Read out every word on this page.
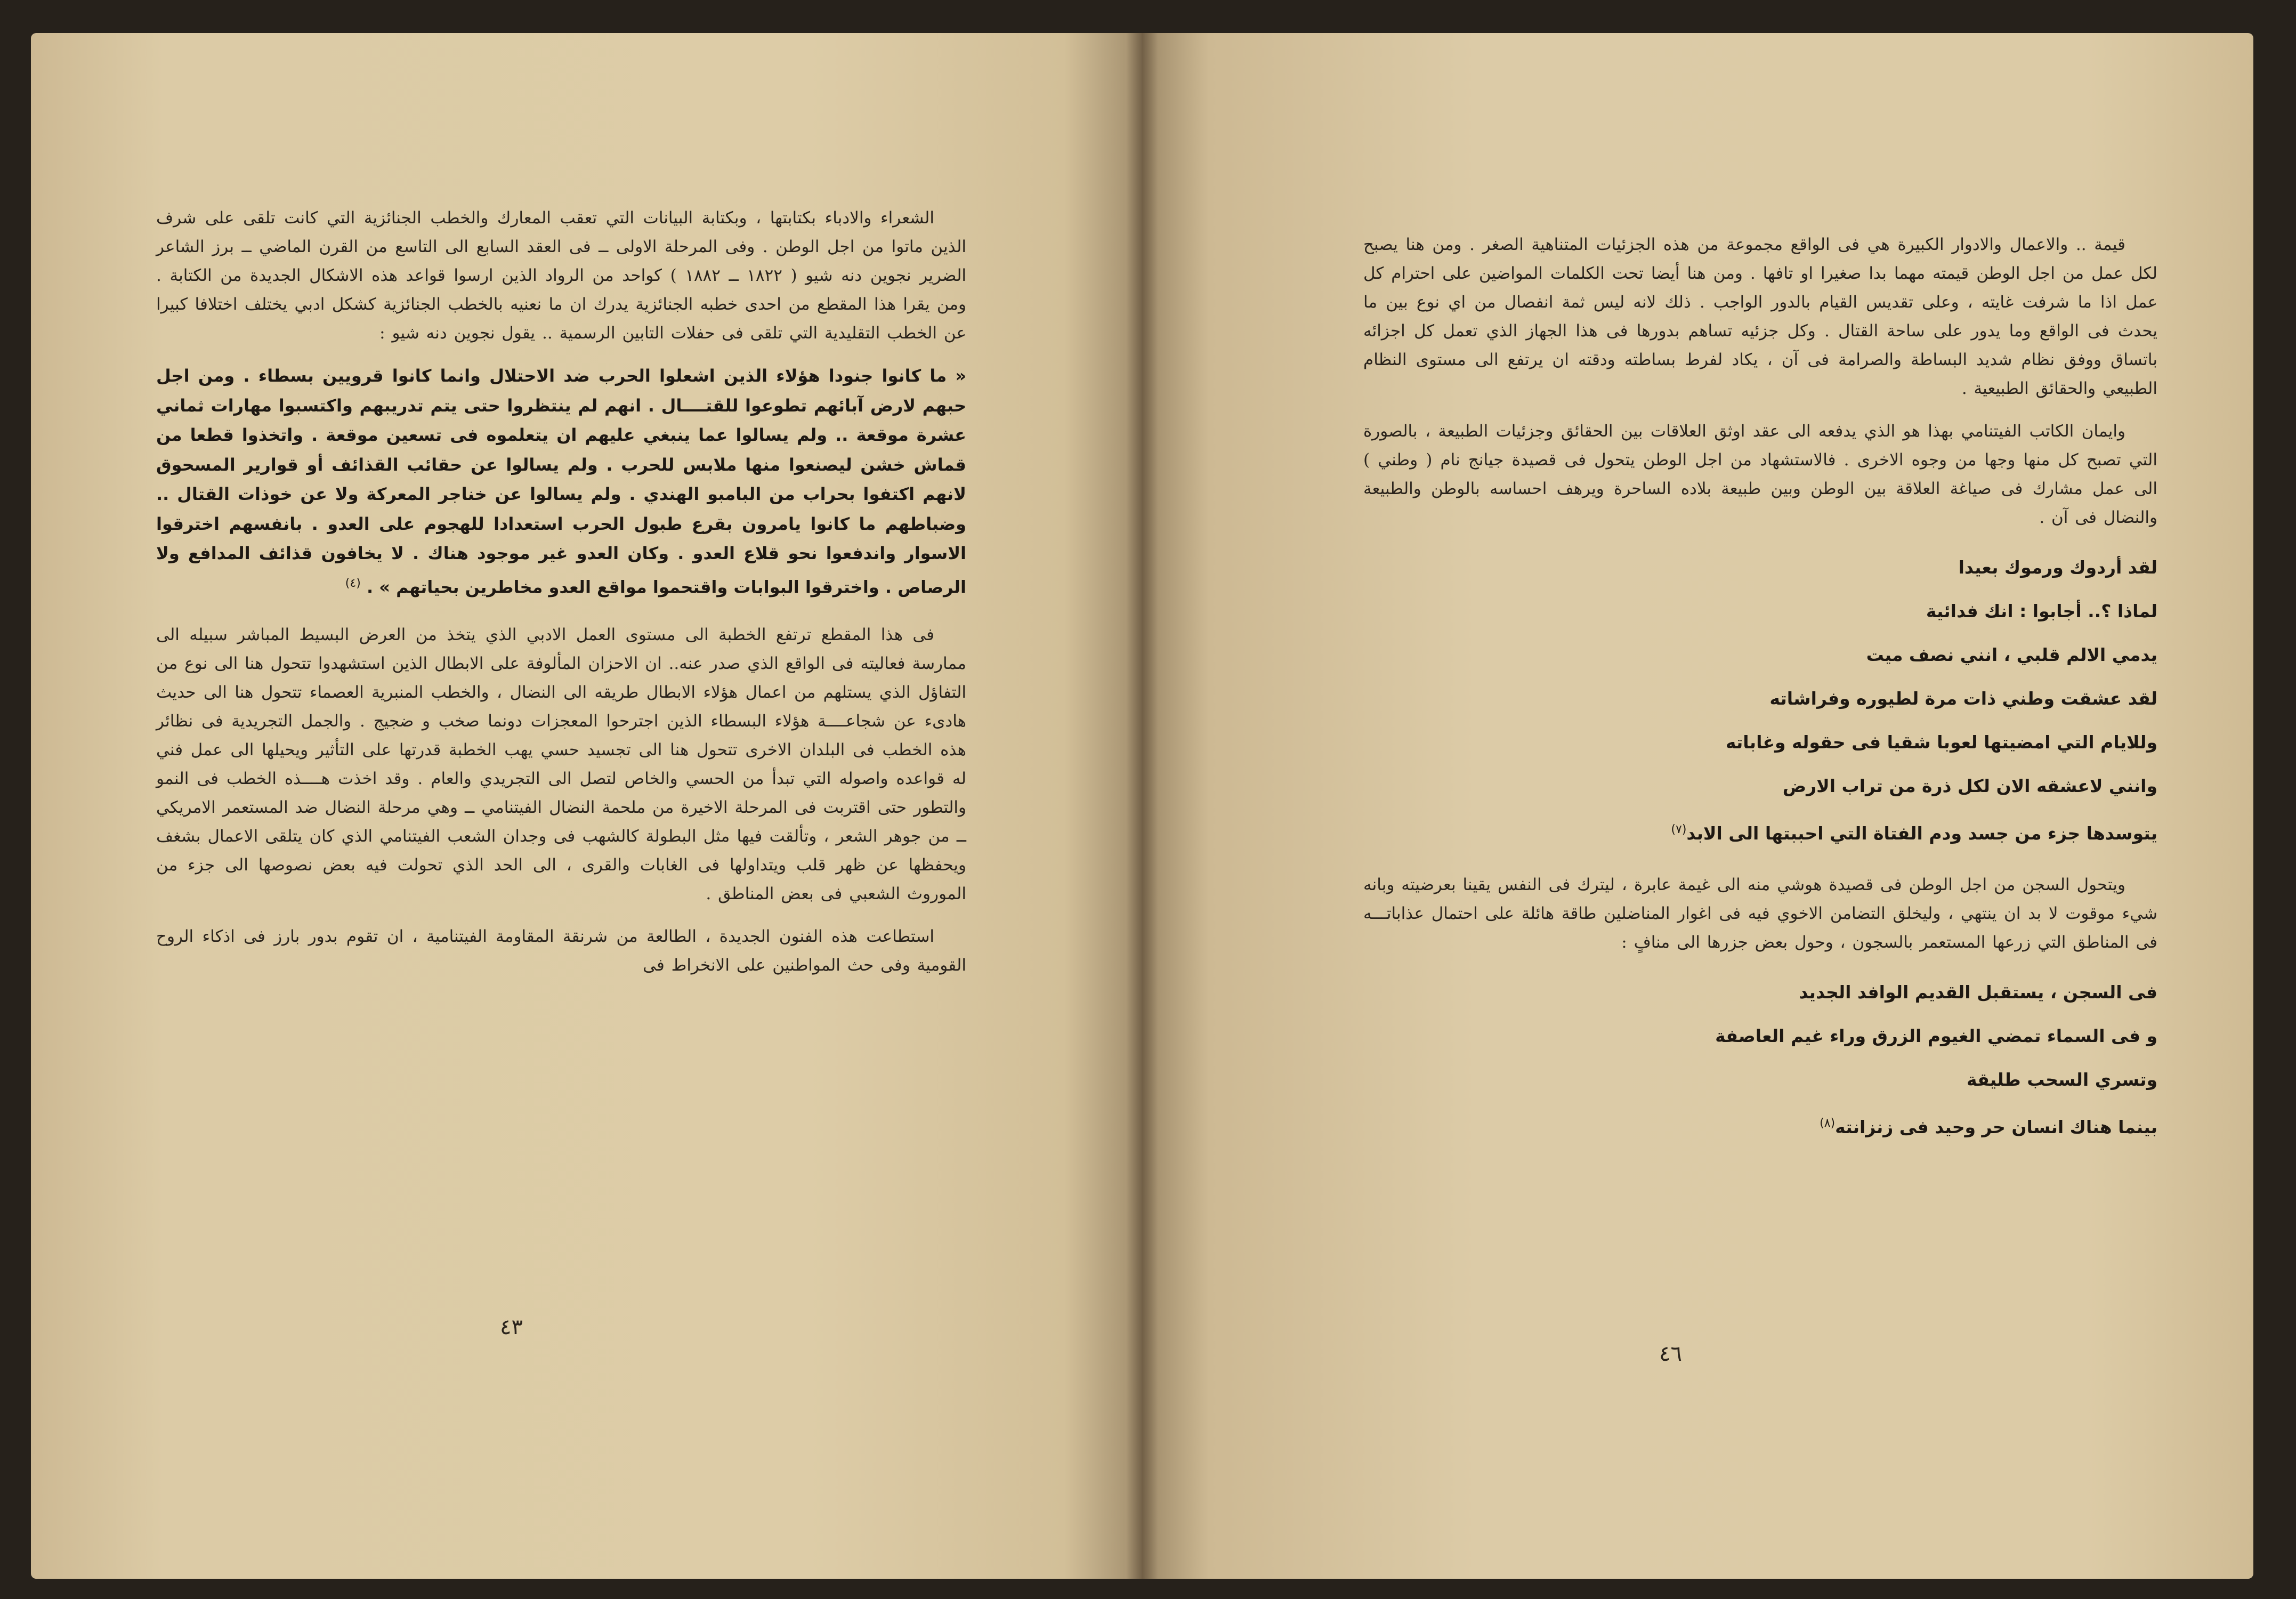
الشعراء والادباء بكتابتها ، وبكتابة البيانات التي تعقب المعارك والخطب الجنائزية التي كانت تلقى على شرف الذين ماتوا من اجل الوطن . وفى المرحلة الاولى ــ فى العقد السابع الى التاسع من القرن الماضي ــ برز الشاعر الضرير نجوين دنه شيو ( ١٨٢٢ ــ ١٨٨٢ ) كواحد من الرواد الذين ارسوا قواعد هذه الاشكال الجديدة من الكتابة . ومن يقرا هذا المقطع من احدى خطبه الجنائزية يدرك ان ما نعنيه بالخطب الجنائزية كشكل ادبي يختلف اختلافا كبيرا عن الخطب التقليدية التي تلقى فى حفلات التابين الرسمية .. يقول نجوين دنه شيو :

« ما كانوا جنودا هؤلاء الذين اشعلوا الحرب ضد الاحتلال وانما كانوا قرويين بسطاء . ومن اجل حبهم لارض آبائهم تطوعوا للقتــــال . انهم لم ينتظروا حتى يتم تدريبهم واكتسبوا مهارات ثماني عشرة موقعة .. ولم يسالوا عما ينبغي عليهم ان يتعلموه فى تسعين موقعة . واتخذوا قطعا من قماش خشن ليصنعوا منها ملابس للحرب . ولم يسالوا عن حقائب القذائف أو قوارير المسحوق لانهم اكتفوا بحراب من البامبو الهندي . ولم يسالوا عن خناجر المعركة ولا عن خوذات القتال .. وضباطهم ما كانوا يامرون بقرع طبول الحرب استعدادا للهجوم على العدو . بانفسهم اخترقوا الاسوار واندفعوا نحو قلاع العدو . وكان العدو غير موجود هناك . لا يخافون قذائف المدافع ولا الرصاص . واخترقوا البوابات واقتحموا مواقع العدو مخاطرين بحياتهم » . $^{(٤)}$

فى هذا المقطع ترتفع الخطبة الى مستوى العمل الادبي الذي يتخذ من العرض البسيط المباشر سبيله الى ممارسة فعاليته فى الواقع الذي صدر عنه.. ان الاحزان المألوفة على الابطال الذين استشهدوا تتحول هنا الى نوع من التفاؤل الذي يستلهم من اعمال هؤلاء الابطال طريقه الى النضال ، والخطب المنبرية العصماء تتحول هنا الى حديث هادىء عن شجاعــــة هؤلاء البسطاء الذين اجترحوا المعجزات دونما صخب و ضجيج . والجمل التجريدية فى نظائر هذه الخطب فى البلدان الاخرى تتحول هنا الى تجسيد حسي يهب الخطبة قدرتها على التأثير ويحيلها الى عمل فني له قواعده واصوله التي تبدأ من الحسي والخاص لتصل الى التجريدي والعام . وقد اخذت هــــذه الخطب فى النمو والتطور حتى اقتربت فى المرحلة الاخيرة من ملحمة النضال الفيتنامي ــ وهي مرحلة النضال ضد المستعمر الامريكي ــ من جوهر الشعر ، وتألقت فيها مثل البطولة كالشهب فى وجدان الشعب الفيتنامي الذي كان يتلقى الاعمال بشغف ويحفظها عن ظهر قلب ويتداولها فى الغابات والقرى ، الى الحد الذي تحولت فيه بعض نصوصها الى جزء من الموروث الشعبي فى بعض المناطق .

استطاعت هذه الفنون الجديدة ، الطالعة من شرنقة المقاومة الفيتنامية ، ان تقوم بدور بارز فى اذكاء الروح القومية وفى حث المواطنين على الانخراط فى

٤٣

قيمة .. والاعمال والادوار الكبيرة هي فى الواقع مجموعة من هذه الجزئيات المتناهية الصغر . ومن هنا يصبح لكل عمل من اجل الوطن قيمته مهما بدا صغيرا او تافها . ومن هنا أيضا تحت الكلمات المواضين على احترام كل عمل اذا ما شرفت غايته ، وعلى تقديس القيام بالدور الواجب . ذلك لانه ليس ثمة انفصال من اي نوع بين ما يحدث فى الواقع وما يدور على ساحة القتال . وكل جزئيه تساهم بدورها فى هذا الجهاز الذي تعمل كل اجزائه باتساق ووفق نظام شديد البساطة والصرامة فى آن ، يكاد لفرط بساطته ودقته ان يرتفع الى مستوى النظام الطبيعي والحقائق الطبيعية .

وايمان الكاتب الفيتنامي بهذا هو الذي يدفعه الى عقد اوثق العلاقات بين الحقائق وجزئيات الطبيعة ، بالصورة التي تصبح كل منها وجها من وجوه الاخرى . فالاستشهاد من اجل الوطن يتحول فى قصيدة جيانج نام ( وطني ) الى عمل مشارك فى صياغة العلاقة بين الوطن وبين طبيعة بلاده الساحرة ويرهف احساسه بالوطن والطبيعة والنضال فى آن .

لقد أردوك ورموك بعيدا
لماذا ؟.. أجابوا : انك فدائية
يدمي الالم قلبي ، انني نصف ميت
لقد عشقت وطني ذات مرة لطيوره وفراشاته
وللايام التي امضيتها لعوبا شقيا فى حقوله وغاباته
وانني لاعشقه الان لكل ذرة من تراب الارض
يتوسدها جزء من جسد ودم الفتاة التي احببتها الى الابد$^{(٧)}$

ويتحول السجن من اجل الوطن فى قصيدة هوشي منه الى غيمة عابرة ، ليترك فى النفس يقينا بعرضيته وبانه شيء موقوت لا بد ان ينتهي ، وليخلق التضامن الاخوي فيه فى اغوار المناضلين طاقة هائلة على احتمال عذاباتـــه فى المناطق التي زرعها المستعمر بالسجون ، وحول بعض جزرها الى منافٍ :

فى السجن ، يستقبل القديم الوافد الجديد
و فى السماء تمضي الغيوم الزرق وراء غيم العاصفة
وتسري السحب طليقة
بينما هناك انسان حر وحيد فى زنزانته$^{(٨)}$
٤٦
